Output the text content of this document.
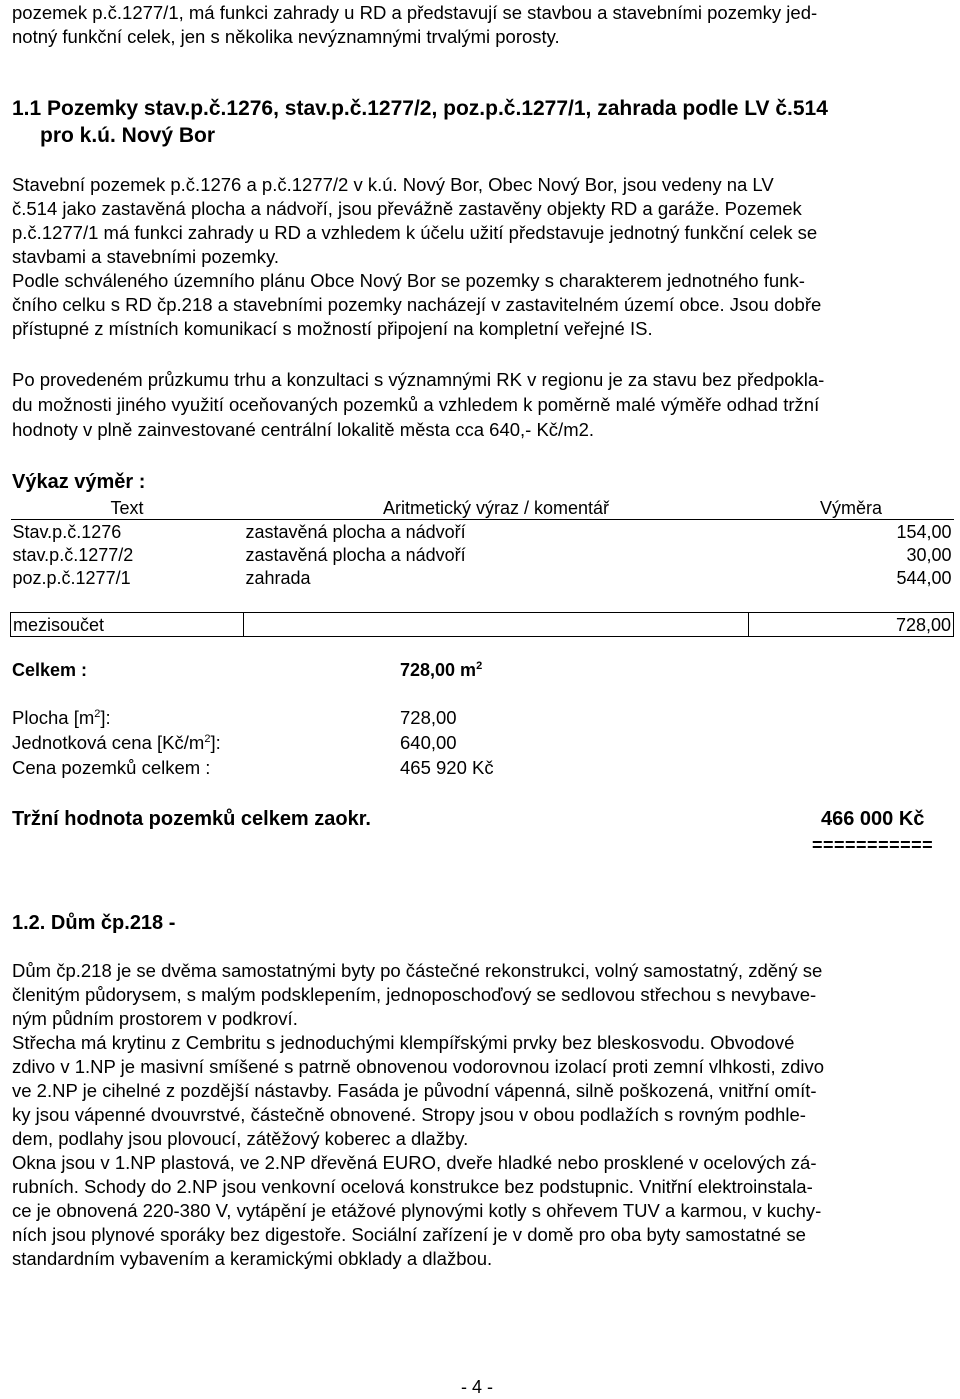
pozemek p.č.1277/1, má funkci zahrady u RD a představují se stavbou a stavebními pozemky jed-
notný funkční celek, jen s několika nevýznamnými trvalými porosty.
1.1 Pozemky stav.p.č.1276, stav.p.č.1277/2, poz.p.č.1277/1, zahrada podle LV č.514
pro k.ú. Nový Bor
Stavební pozemek p.č.1276 a p.č.1277/2 v k.ú. Nový Bor, Obec Nový Bor, jsou vedeny na LV
č.514 jako zastavěná plocha a nádvoří, jsou převážně zastavěny objekty RD a garáže. Pozemek
p.č.1277/1 má funkci zahrady u RD a vzhledem k účelu užití představuje jednotný funkční celek se
stavbami a stavebními pozemky.
Podle schváleného územního plánu Obce Nový Bor se pozemky s charakterem jednotného funk-
čního celku s RD čp.218 a stavebními pozemky nacházejí v zastavitelném území obce. Jsou dobře
přístupné z místních komunikací s možností připojení na kompletní veřejné IS.
Po provedeném průzkumu trhu a konzultaci s významnými RK v regionu je za stavu bez předpokla-
du možnosti jiného využití oceňovaných pozemků a vzhledem k poměrně malé výměře odhad tržní
hodnoty v plně zainvestované centrální lokalitě města cca 640,- Kč/m2.
Výkaz výměr :
Text	Aritmetický výraz / komentář	Výměra
Stav.p.č.1276	zastavěná plocha a nádvoří	154,00
stav.p.č.1277/2	zastavěná plocha a nádvoří	30,00
poz.p.č.1277/1	zahrada	544,00

mezisoučet		728,00
Celkem :	728,00 $m^2$
Plocha $[m^2]$:	728,00
Jednotková cena $[Kč/m^2]$:	640,00
Cena pozemků celkem :	465 920 Kč
Tržní hodnota pozemků celkem zaokr.	466 000 Kč
===========
1.2. Dům čp.218 -
Dům čp.218 je se dvěma samostatnými byty po částečné rekonstrukci, volný samostatný, zděný se
členitým půdorysem, s malým podsklepením, jednoposchoďový se sedlovou střechou s nevybave-
ným půdním prostorem v podkroví.
Střecha má krytinu z Cembritu s jednoduchými klempířskými prvky bez bleskosvodu. Obvodové
zdivo v 1.NP je masivní smíšené s patrně obnovenou vodorovnou izolací proti zemní vlhkosti, zdivo
ve 2.NP je cihelné z pozdější nástavby. Fasáda je původní vápenná, silně poškozená, vnitřní omít-
ky jsou vápenné dvouvrstvé, částečně obnovené. Stropy jsou v obou podlažích s rovným podhle-
dem, podlahy jsou plovoucí, zátěžový koberec a dlažby.
Okna jsou v 1.NP plastová, ve 2.NP dřevěná EURO, dveře hladké nebo prosklené v ocelových zá-
rubních. Schody do 2.NP jsou venkovní ocelová konstrukce bez podstupnic. Vnitřní elektroinstala-
ce je obnovená 220-380 V, vytápění je etážové plynovými kotly s ohřevem TUV a karmou, v kuchy-
ních jsou plynové sporáky bez digestoře. Sociální zařízení je v domě pro oba byty samostatné se
standardním vybavením a keramickými obklady a dlažbou.
- 4 -
